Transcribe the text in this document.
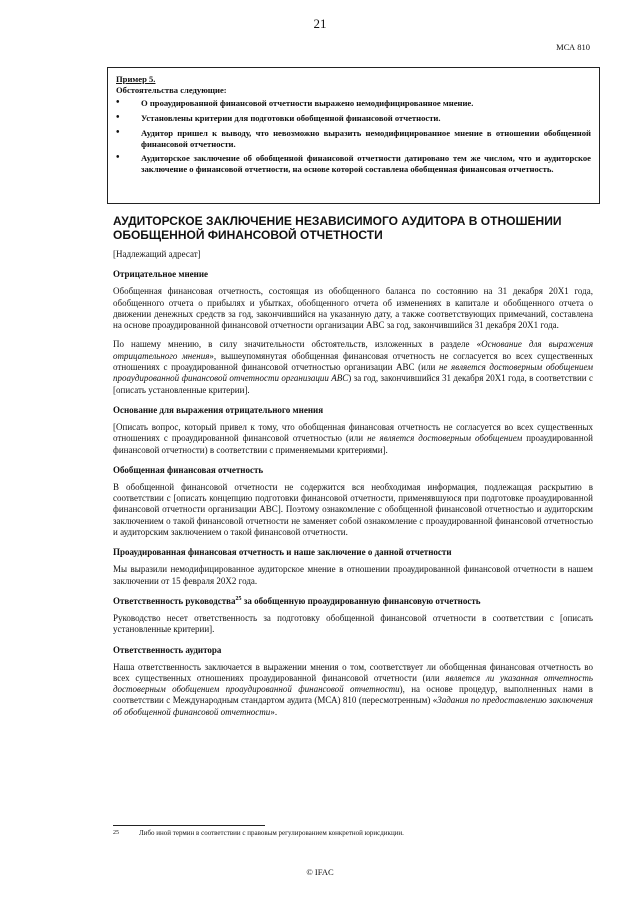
21
МСА 810
Пример 5.
Обстоятельства следующие:
• О проаудированной финансовой отчетности выражено немодифицированное мнение.
• Установлены критерии для подготовки обобщенной финансовой отчетности.
• Аудитор пришел к выводу, что невозможно выразить немодифицированное мнение в отношении обобщенной финансовой отчетности.
• Аудиторское заключение об обобщенной финансовой отчетности датировано тем же числом, что и аудиторское заключение о финансовой отчетности, на основе которой составлена обобщенная финансовая отчетность.
АУДИТОРСКОЕ ЗАКЛЮЧЕНИЕ НЕЗАВИСИМОГО АУДИТОРА В ОТНОШЕНИИ ОБОБЩЕННОЙ ФИНАНСОВОЙ ОТЧЕТНОСТИ

[Надлежащий адресат]

Отрицательное мнение

Обобщенная финансовая отчетность, состоящая из обобщенного баланса по состоянию на 31 декабря 20X1 года, обобщенного отчета о прибылях и убытках, обобщенного отчета об изменениях в капитале и обобщенного отчета о движении денежных средств за год, закончившийся на указанную дату, а также соответствующих примечаний, составлена на основе проаудированной финансовой отчетности организации ABC за год, закончившийся 31 декабря 20X1 года.

По нашему мнению, в силу значительности обстоятельств, изложенных в разделе «Основание для выражения отрицательного мнения», вышеупомянутая обобщенная финансовая отчетность не согласуется во всех существенных отношениях с проаудированной финансовой отчетностью организации ABC (или не является достоверным обобщением проаудированной финансовой отчетности организации ABC) за год, закончившийся 31 декабря 20X1 года, в соответствии с [описать установленные критерии].

Основание для выражения отрицательного мнения

[Описать вопрос, который привел к тому, что обобщенная финансовая отчетность не согласуется во всех существенных отношениях с проаудированной финансовой отчетностью (или не является достоверным обобщением проаудированной финансовой отчетности) в соответствии с применяемыми критериями].

Обобщенная финансовая отчетность

В обобщенной финансовой отчетности не содержится вся необходимая информация, подлежащая раскрытию в соответствии с [описать концепцию подготовки финансовой отчетности, применявшуюся при подготовке проаудированной финансовой отчетности организации ABC]. Поэтому ознакомление с обобщенной финансовой отчетностью и аудиторским заключением о такой финансовой отчетности не заменяет собой ознакомление с проаудированной финансовой отчетностью и аудиторским заключением о такой финансовой отчетности.

Проаудированная финансовая отчетность и наше заключение о данной отчетности

Мы выразили немодифицированное аудиторское мнение в отношении проаудированной финансовой отчетности в нашем заключении от 15 февраля 20X2 года.

Ответственность руководства$^{25}$ за обобщенную проаудированную финансовую отчетность

Руководство несет ответственность за подготовку обобщенной финансовой отчетности в соответствии с [описать установленные критерии].

Ответственность аудитора

Наша ответственность заключается в выражении мнения о том, соответствует ли обобщенная финансовая отчетность во всех существенных отношениях проаудированной финансовой отчетности (или является ли указанная отчетность достоверным обобщением проаудированной финансовой отчетности), на основе процедур, выполненных нами в соответствии с Международным стандартом аудита (МСА) 810 (пересмотренным) «Задания по предоставлению заключения об обобщенной финансовой отчетности».

25	Либо иной термин в соответствии с правовым регулированием конкретной юрисдикции.
© IFAC
